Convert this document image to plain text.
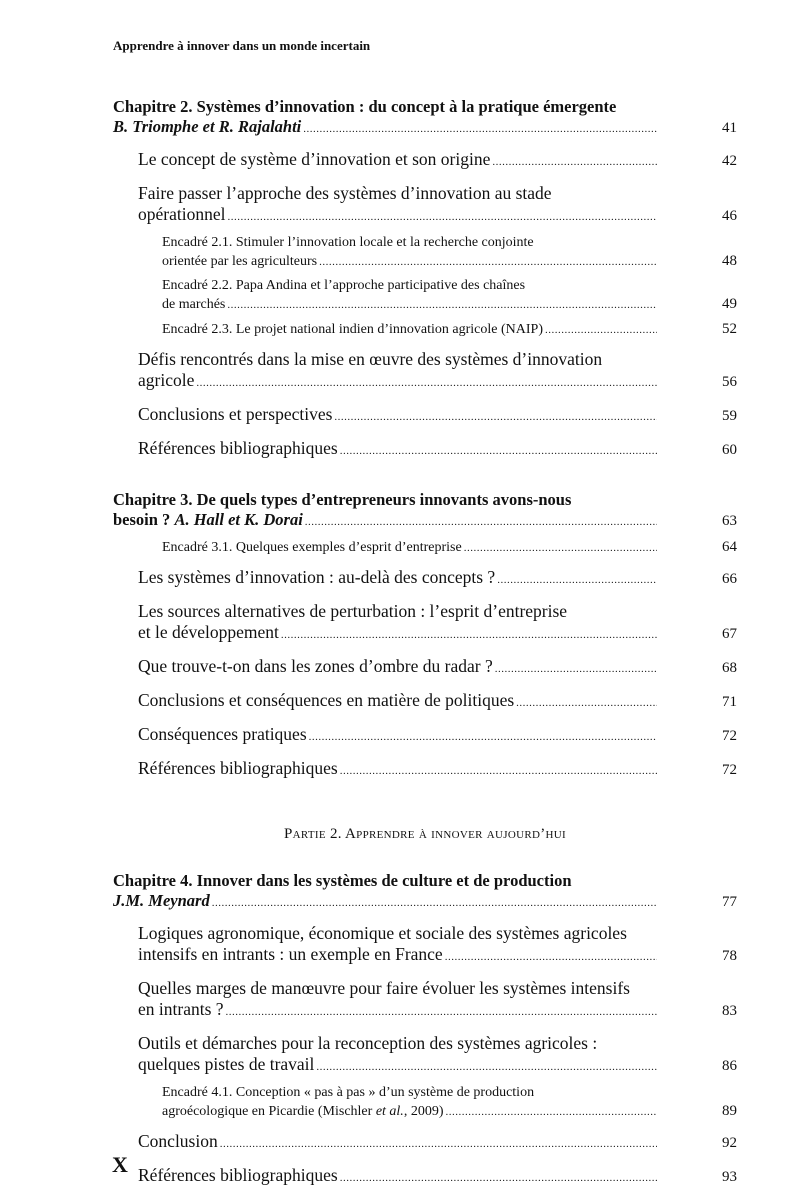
Apprendre à innover dans un monde incertain
Chapitre 2. Systèmes d’innovation : du concept à la pratique émergente
B. Triomphe et R. Rajalahti .....	41
Le concept de système d’innovation et son origine .....	42
Faire passer l’approche des systèmes d’innovation au stade
opérationnel .....	46
Encadré 2.1. Stimuler l’innovation locale et la recherche conjointe
orientée par les agriculteurs .....	48
Encadré 2.2. Papa Andina et l’approche participative des chaînes
de marchés .....	49
Encadré 2.3. Le projet national indien d’innovation agricole (NAIP) .....	52
Défis rencontrés dans la mise en œuvre des systèmes d’innovation
agricole .....	56
Conclusions et perspectives .....	59
Références bibliographiques .....	60
Chapitre 3. De quels types d’entrepreneurs innovants avons-nous
besoin ? A. Hall et K. Dorai .....	63
Encadré 3.1. Quelques exemples d’esprit d’entreprise .....	64
Les systèmes d’innovation : au-delà des concepts ? .....	66
Les sources alternatives de perturbation : l’esprit d’entreprise
et le développement .....	67
Que trouve-t-on dans les zones d’ombre du radar ? .....	68
Conclusions et conséquences en matière de politiques .....	71
Conséquences pratiques .....	72
Références bibliographiques .....	72
Partie 2. Apprendre à innover aujourd’hui
Chapitre 4. Innover dans les systèmes de culture et de production
J.M. Meynard .....	77
Logiques agronomique, économique et sociale des systèmes agricoles
intensifs en intrants : un exemple en France .....	78
Quelles marges de manœuvre pour faire évoluer les systèmes intensifs
en intrants ? .....	83
Outils et démarches pour la reconception des systèmes agricoles :
quelques pistes de travail .....	86
Encadré 4.1. Conception « pas à pas » d’un système de production
agroécologique en Picardie (Mischler et al., 2009) .....	89
Conclusion .....	92
Références bibliographiques .....	93
X
